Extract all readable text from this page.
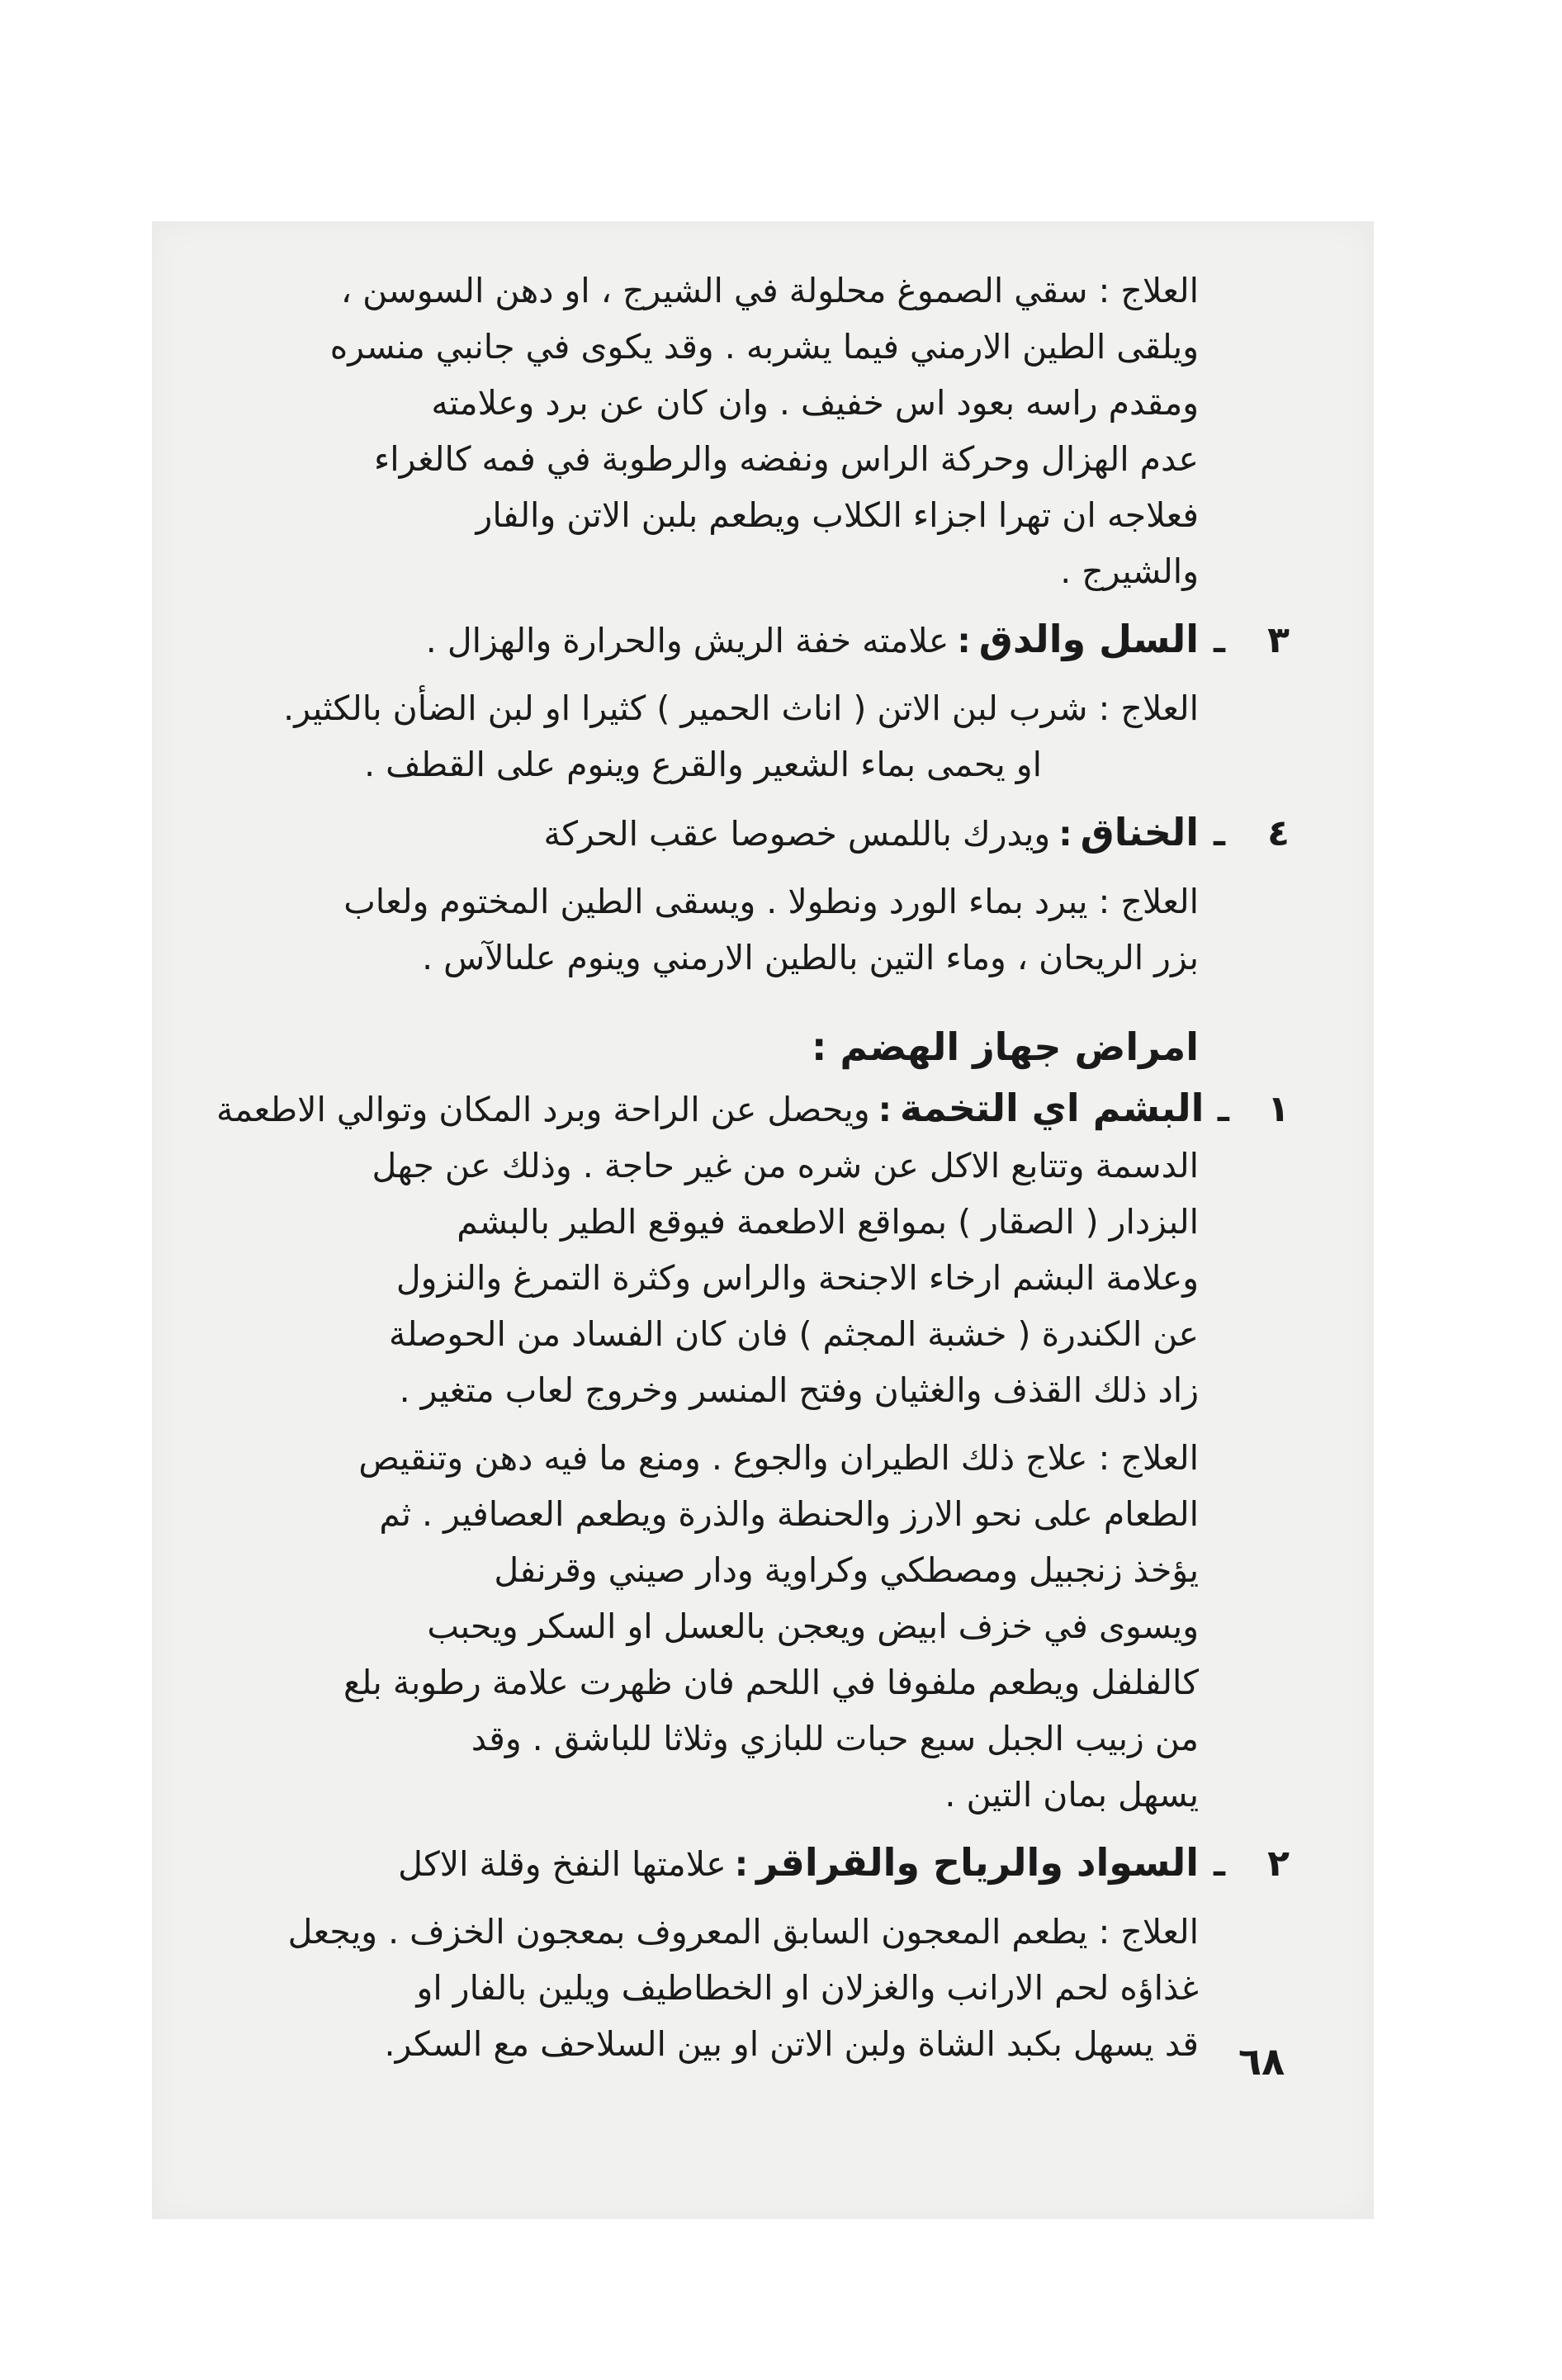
العلاج : سقي الصموغ محلولة في الشيرج ، او دهن السوسن ،

ويلقى الطين الارمني فيما يشربه . وقد يكوى في جانبي منسره

ومقدم راسه بعود اس خفيف . وان كان عن برد وعلامته

عدم الهزال وحركة الراس ونفضه والرطوبة في فمه كالغراء

فعلاجه ان تهرا اجزاء الكلاب ويطعم بلبن الاتن والفار

والشيرج .

٣
ـ
السل والدق
:
علامته خفة الريش والحرارة والهزال .

العلاج : شرب لبن الاتن ( اناث الحمير ) كثيرا او لبن الضأن بالكثير.

او يحمى بماء الشعير والقرع وينوم على القطف .

٤
ـ
الخناق
:
ويدرك باللمس خصوصا عقب الحركة

العلاج : يبرد بماء الورد ونطولا . ويسقى الطين المختوم ولعاب

بزر الريحان ، وماء التين بالطين الارمني وينوم علىالآس .

امراض جهاز الهضم :
١
ـ
البشم اي التخمة
:
ويحصل عن الراحة وبرد المكان وتوالي الاطعمة

الدسمة وتتابع الاكل عن شره من غير حاجة . وذلك عن جهل

البزدار ( الصقار ) بمواقع الاطعمة فيوقع الطير بالبشم

وعلامة البشم ارخاء الاجنحة والراس وكثرة التمرغ والنزول

عن الكندرة ( خشبة المجثم ) فان كان الفساد من الحوصلة

زاد ذلك القذف والغثيان وفتح المنسر وخروج لعاب متغير .

العلاج : علاج ذلك الطيران والجوع . ومنع ما فيه دهن وتنقيص

الطعام على نحو الارز والحنطة والذرة ويطعم العصافير . ثم

يؤخذ زنجبيل ومصطكي وكراوية ودار صيني وقرنفل

ويسوى في خزف ابيض ويعجن بالعسل او السكر ويحبب

كالفلفل ويطعم ملفوفا في اللحم فان ظهرت علامة رطوبة بلع

من زبيب الجبل سبع حبات للبازي وثلاثا للباشق . وقد

يسهل بمان التين .

٢
ـ
السواد والرياح والقراقر
:
علامتها النفخ وقلة الاكل

العلاج : يطعم المعجون السابق المعروف بمعجون الخزف . ويجعل

غذاؤه لحم الارانب والغزلان او الخطاطيف ويلين بالفار او

قد يسهل بكبد الشاة ولبن الاتن او بين السلاحف مع السكر. ٦٨
